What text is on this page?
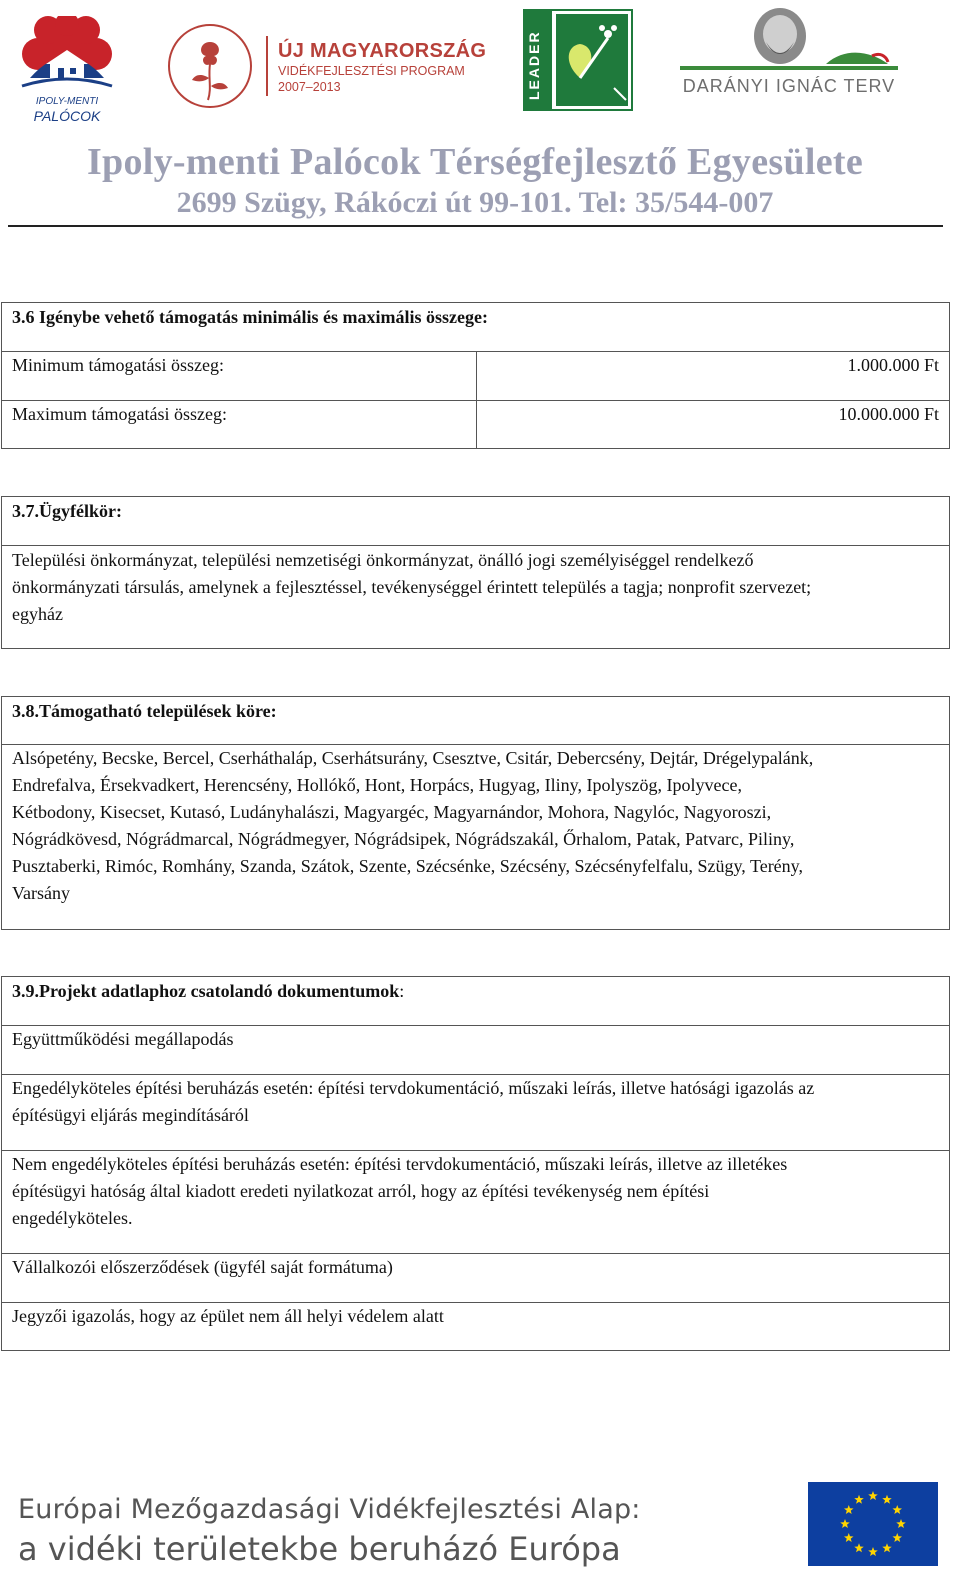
IPOLY-MENTI
PALÓCOK
ÚJ MAGYARORSZÁG
VIDÉKFEJLESZTÉSI PROGRAM
2007–2013	LEADER	DARÁNYI IGNÁC TERV
Ipoly-menti Palócok Térségfejlesztő Egyesülete
2699 Szügy, Rákóczi út 99-101. Tel: 35/544-007
3.6 Igénybe vehető támogatás minimális és maximális összege:
Minimum támogatási összeg:	1.000.000 Ft
Maximum támogatási összeg:	10.000.000 Ft
3.7.Ügyfélkör:
Települési önkormányzat, települési nemzetiségi önkormányzat, önálló jogi személyiséggel rendelkező
önkormányzati társulás, amelynek a fejlesztéssel, tevékenységgel érintett település a tagja; nonprofit szervezet;
egyház
3.8.Támogatható települések köre:
Alsópetény, Becske, Bercel, Cserháthaláp, Cserhátsurány, Csesztve, Csitár, Debercsény, Dejtár, Drégelypalánk,
Endrefalva, Érsekvadkert, Herencsény, Hollókő, Hont, Horpács, Hugyag, Iliny, Ipolyszög, Ipolyvece,
Kétbodony, Kisecset, Kutasó, Ludányhalászi, Magyargéc, Magyarnándor, Mohora, Nagylóc, Nagyoroszi,
Nógrádkövesd, Nógrádmarcal, Nógrádmegyer, Nógrádsipek, Nógrádszakál, Őrhalom, Patak, Patvarc, Piliny,
Pusztaberki, Rimóc, Romhány, Szanda, Szátok, Szente, Szécsénke, Szécsény, Szécsényfelfalu, Szügy, Terény,
Varsány
3.9.Projekt adatlaphoz csatolandó dokumentumok:
Együttműködési megállapodás
Engedélyköteles építési beruházás esetén: építési tervdokumentáció, műszaki leírás, illetve hatósági igazolás az
építésügyi eljárás megindításáról
Nem engedélyköteles építési beruházás esetén: építési tervdokumentáció, műszaki leírás, illetve az illetékes
építésügyi hatóság által kiadott eredeti nyilatkozat arról, hogy az építési tevékenység nem építési
engedélyköteles.
Vállalkozói előszerződések (ügyfél saját formátuma)
Jegyzői igazolás, hogy az épület nem áll helyi védelem alatt
Európai Mezőgazdasági Vidékfejlesztési Alap:
a vidéki területekbe beruházó Európa
